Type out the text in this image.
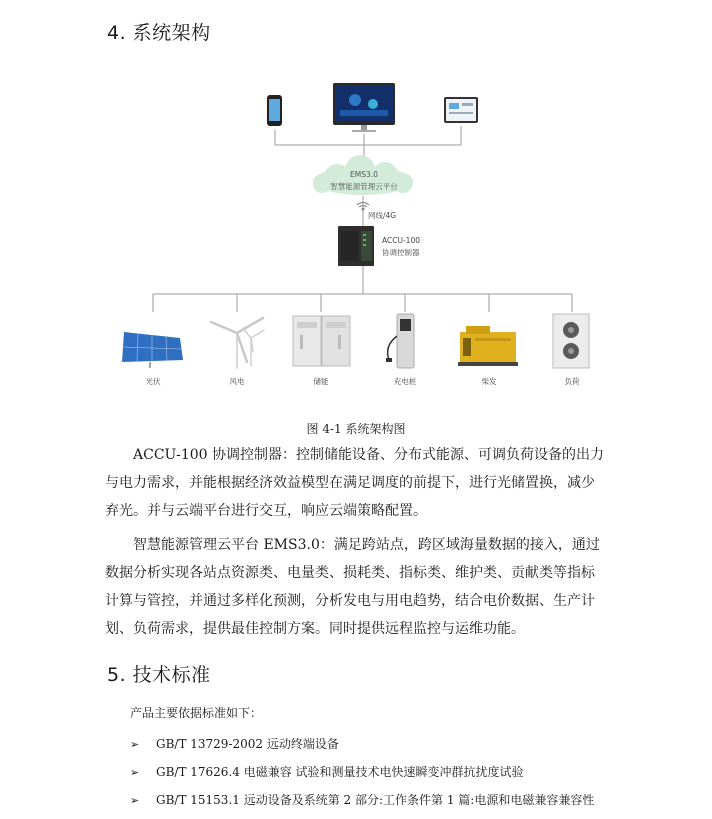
4. 系统架构
EMS3.0
智慧能源管理云平台
网线/4G
ACCU-100
协调控制器
光伏	风电	储能	充电桩	柴发	负荷
图 4-1 系统架构图
ACCU-100 协调控制器：控制储能设备、分布式能源、可调负荷设备的出力
与电力需求，并能根据经济效益模型在满足调度的前提下，进行光储置换，减少
弃光。并与云端平台进行交互，响应云端策略配置。
智慧能源管理云平台 EMS3.0：满足跨站点，跨区域海量数据的接入，通过
数据分析实现各站点资源类、电量类、损耗类、指标类、维护类、贡献类等指标
计算与管控，并通过多样化预测，分析发电与用电趋势，结合电价数据、生产计
划、负荷需求，提供最佳控制方案。同时提供远程监控与运维功能。
5. 技术标准
产品主要依据标准如下：
➢ GB/T 13729-2002 远动终端设备
➢ GB/T 17626.4 电磁兼容 试验和测量技术电快速瞬变冲群抗扰度试验
➢ GB/T 15153.1 远动设备及系统第 2 部分:工作条件第 1 篇:电源和电磁兼容兼容性
